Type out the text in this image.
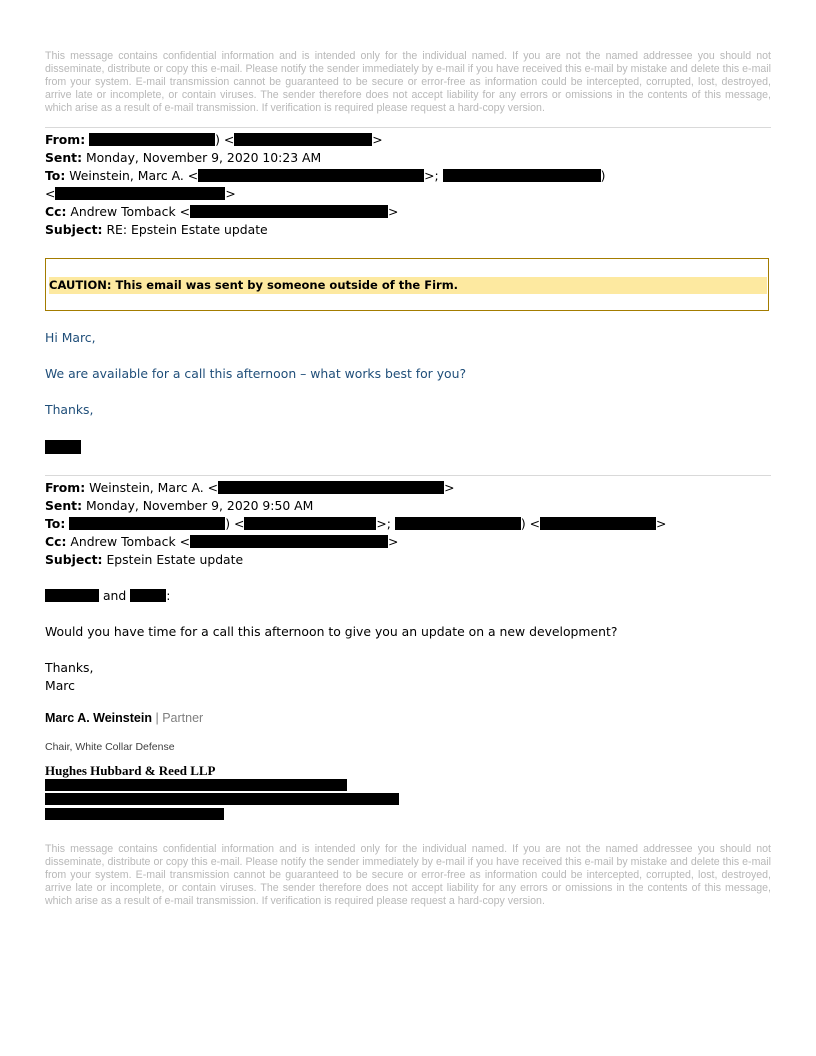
This message contains confidential information and is intended only for the individual named. If you are not the named addressee you should not disseminate, distribute or copy this e-mail. Please notify the sender immediately by e-mail if you have received this e-mail by mistake and delete this e-mail from your system. E-mail transmission cannot be guaranteed to be secure or error-free as information could be intercepted, corrupted, lost, destroyed, arrive late or incomplete, or contain viruses. The sender therefore does not accept liability for any errors or omissions in the contents of this message, which arise as a result of e-mail transmission. If verification is required please request a hard-copy version.
From:	) <	>
Sent: Monday, November 9, 2020 10:23 AM
To: Weinstein, Marc A. <	>;	)
<	>
Cc: Andrew Tomback <	>
Subject: RE: Epstein Estate update
CAUTION: This email was sent by someone outside of the Firm.
Hi Marc,
We are available for a call this afternoon – what works best for you?
Thanks,
From: Weinstein, Marc A. <	>
Sent: Monday, November 9, 2020 9:50 AM
To:	) <	>;	) <	>
Cc: Andrew Tomback <	>
Subject: Epstein Estate update
and	:
Would you have time for a call this afternoon to give you an update on a new development?
Thanks,
Marc
Marc A. Weinstein | Partner
Chair, White Collar Defense
Hughes Hubbard & Reed LLP
This message contains confidential information and is intended only for the individual named. If you are not the named addressee you should not disseminate, distribute or copy this e-mail. Please notify the sender immediately by e-mail if you have received this e-mail by mistake and delete this e-mail from your system. E-mail transmission cannot be guaranteed to be secure or error-free as information could be intercepted, corrupted, lost, destroyed, arrive late or incomplete, or contain viruses. The sender therefore does not accept liability for any errors or omissions in the contents of this message, which arise as a result of e-mail transmission. If verification is required please request a hard-copy version.
